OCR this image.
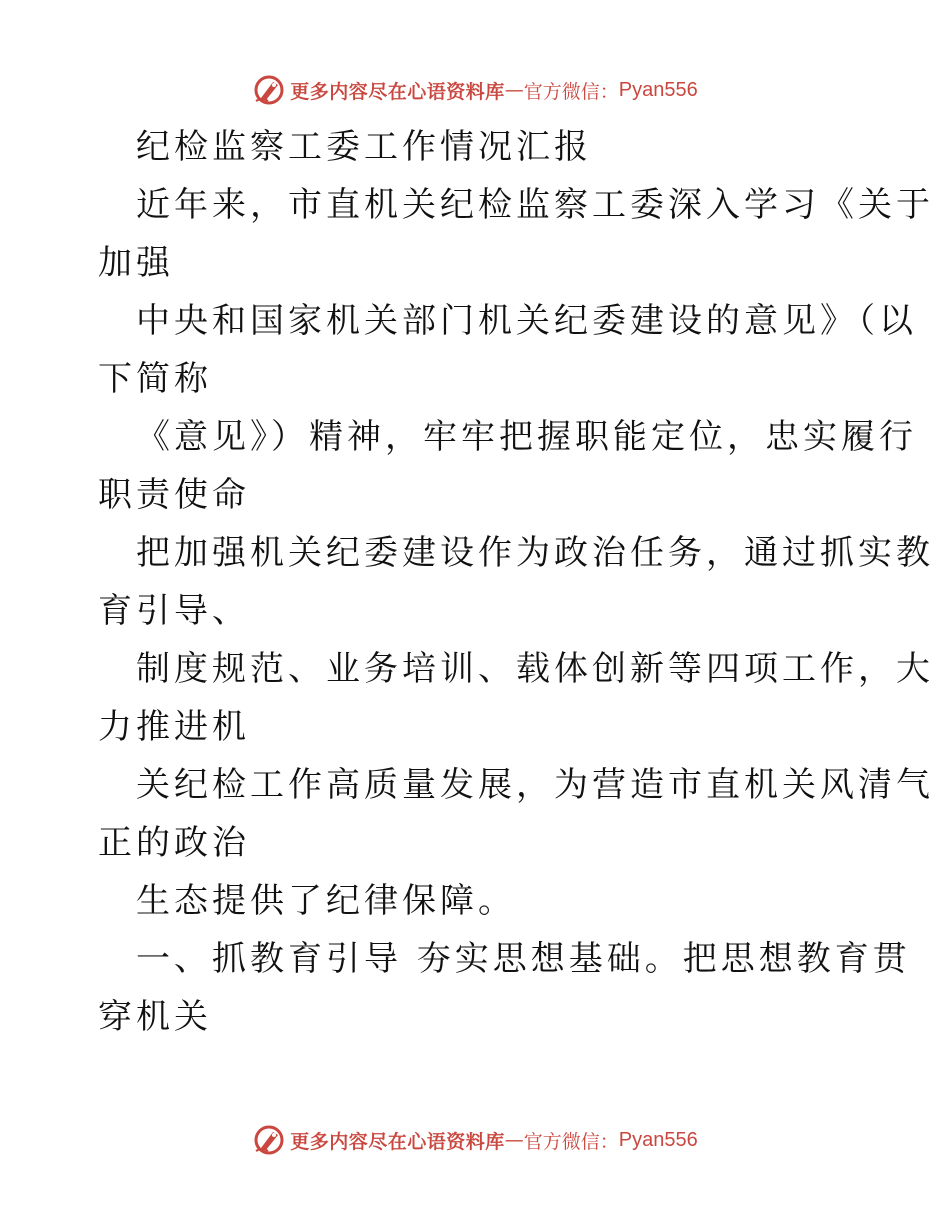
更多内容尽在心语资料库 — 官方微信： Pyan556
纪检监察工委工作情况汇报
近年来，市直机关纪检监察工委深入学习《关于
加强
中央和国家机关部门机关纪委建设的意见》（以
下简称
《意见》）精神，牢牢把握职能定位，忠实履行
职责使命
把加强机关纪委建设作为政治任务，通过抓实教
育引导、
制度规范、业务培训、载体创新等四项工作，大
力推进机
关纪检工作高质量发展，为营造市直机关风清气
正的政治
生态提供了纪律保障。
一、抓教育引导 夯实思想基础。把思想教育贯
穿机关
更多内容尽在心语资料库 — 官方微信： Pyan556
